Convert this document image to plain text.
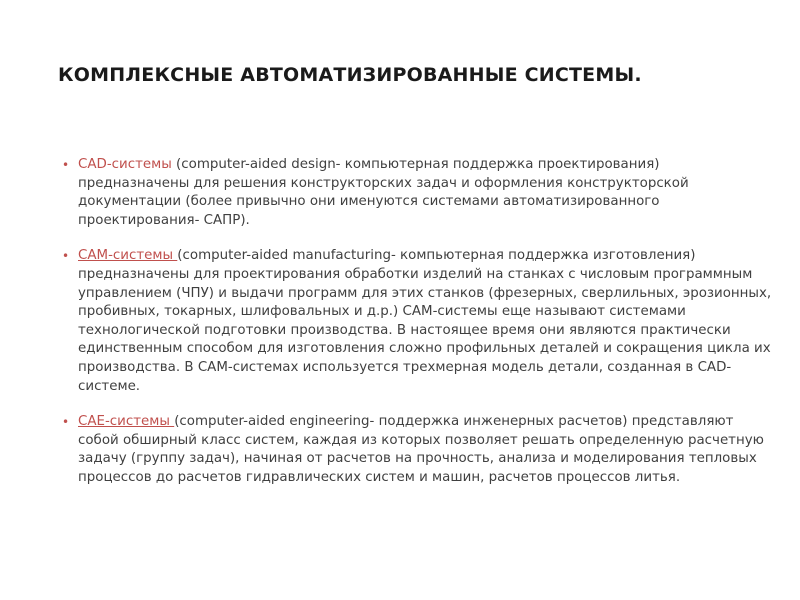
КОМПЛЕКСНЫЕ АВТОМАТИЗИРОВАННЫЕ СИСТЕМЫ.
• CAD-системы (computer-aided design- компьютерная поддержка проектирования) предназначены для решения конструкторских задач и оформления конструкторской документации (более привычно они именуются системами автоматизированного проектирования- САПР).
• CAM-системы (computer-aided manufacturing- компьютерная поддержка изготовления) предназначены для проектирования обработки изделий на станках с числовым программным управлением (ЧПУ) и выдачи программ для этих станков (фрезерных, сверлильных, эрозионных, пробивных, токарных, шлифовальных и д.р.) CAM-системы еще называют системами технологической подготовки производства. В настоящее время они являются практически единственным способом для изготовления сложно профильных деталей и сокращения цикла их производства. В CAM-системах используется трехмерная модель детали, созданная в CAD-системе.
• CAE-системы (computer-aided engineering- поддержка инженерных расчетов) представляют собой обширный класс систем, каждая из которых позволяет решать определенную расчетную задачу (группу задач), начиная от расчетов на прочность, анализа и моделирования тепловых процессов до расчетов гидравлических систем и машин, расчетов процессов литья.
